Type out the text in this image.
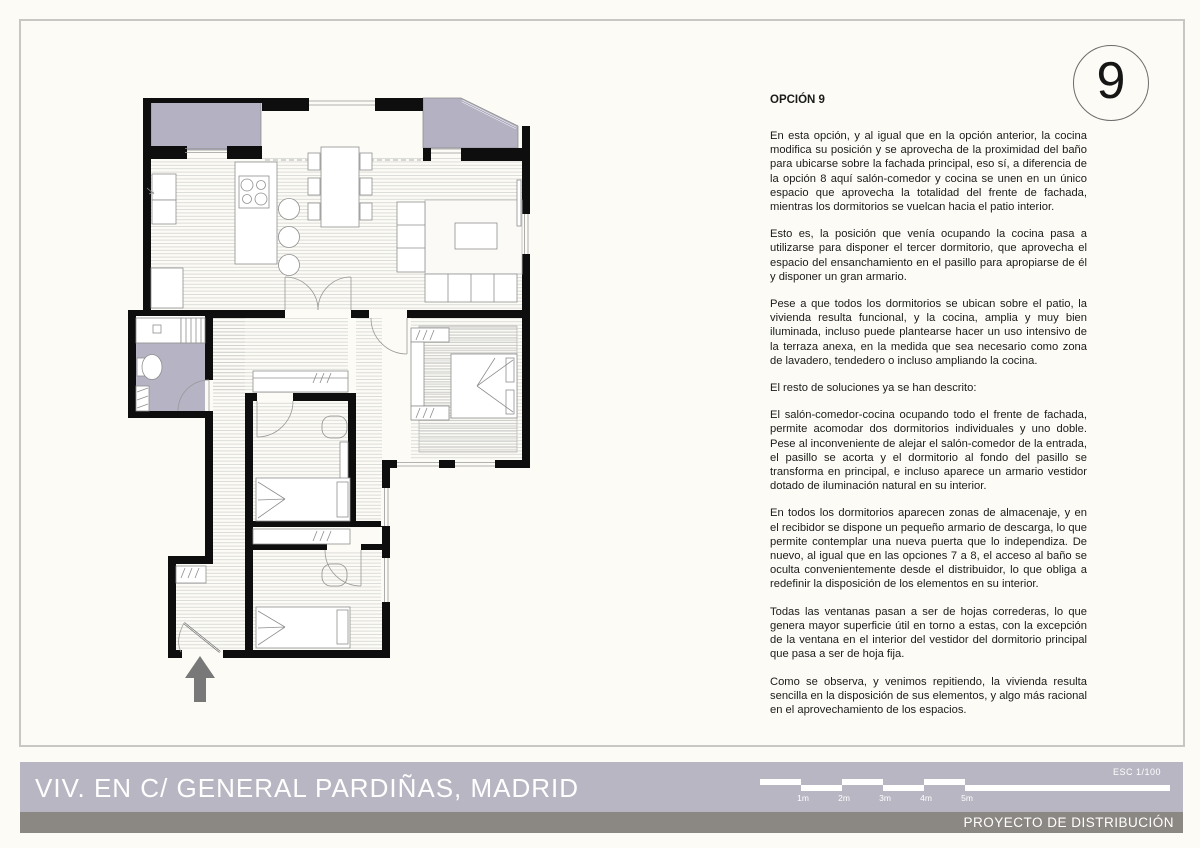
9
OPCIÓN 9

En esta opción, y al igual que en la opción anterior, la cocina modifica su posición y se aprovecha de la proximidad del baño para ubicarse sobre la fachada principal, eso sí, a diferencia de la opción 8 aquí salón-comedor y cocina se unen en un único espacio que aprovecha la totalidad del frente de fachada, mientras los dormitorios se vuelcan hacia el patio interior.

Esto es, la posición que venía ocupando la cocina pasa a utilizarse para disponer el tercer dormitorio, que aprovecha el espacio del ensanchamiento en el pasillo para apropiarse de él y disponer un gran armario.

Pese a que todos los dormitorios se ubican sobre el patio, la vivienda resulta funcional, y la cocina, amplia y muy bien iluminada, incluso puede plantearse hacer un uso intensivo de la terraza anexa, en la medida que sea necesario como zona de lavadero, tendedero o incluso ampliando la cocina.

El resto de soluciones ya se han descrito:

El salón-comedor-cocina ocupando todo el frente de fachada, permite acomodar dos dormitorios individuales y uno doble. Pese al inconveniente de alejar el salón-comedor de la entrada, el pasillo se acorta y el dormitorio al fondo del pasillo se transforma en principal, e incluso aparece un armario vestidor dotado de iluminación natural en su interior.

En todos los dormitorios aparecen zonas de almacenaje, y en el recibidor se dispone un pequeño armario de descarga, lo que permite contemplar una nueva puerta que lo independiza. De nuevo, al igual que en las opciones 7 a 8, el acceso al baño se oculta convenientemente desde el distribuidor, lo que obliga a redefinir la disposición de los elementos en su interior.

Todas las ventanas pasan a ser de hojas correderas, lo que genera mayor superficie útil en torno a estas, con la excepción de la ventana en el interior del vestidor del dormitorio principal que pasa a ser de hoja fija.

Como se observa, y venimos repitiendo, la vivienda resulta sencilla en la disposición de sus elementos, y algo más racional en el aprovechamiento de los espacios.

VIV. EN C/ GENERAL PARDIÑAS, MADRID
ESC 1/100
1m	2m	3m	4m	5m
PROYECTO DE DISTRIBUCIÓN
